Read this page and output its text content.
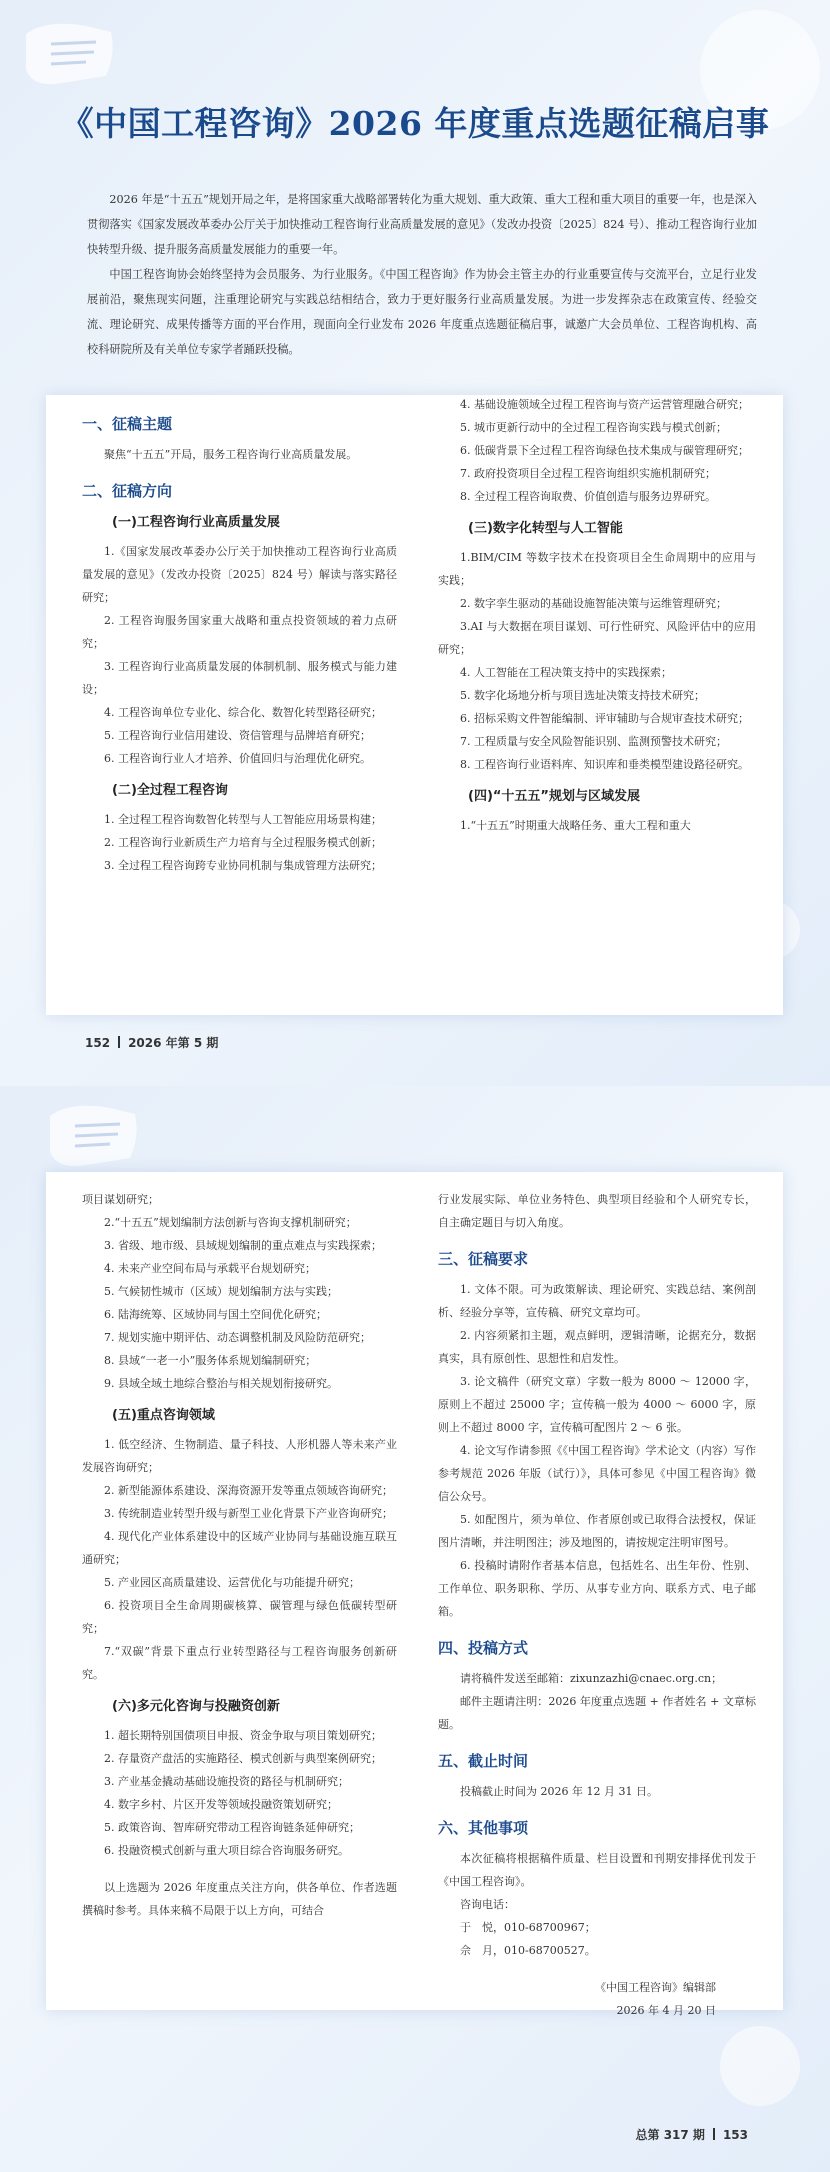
《中国工程咨询》2026 年度重点选题征稿启事

2026 年是“十五五”规划开局之年，是将国家重大战略部署转化为重大规划、重大政策、重大工程和重大项目的重要一年，也是深入贯彻落实《国家发展改革委办公厅关于加快推动工程咨询行业高质量发展的意见》（发改办投资〔2025〕824 号）、推动工程咨询行业加快转型升级、提升服务高质量发展能力的重要一年。

中国工程咨询协会始终坚持为会员服务、为行业服务。《中国工程咨询》作为协会主管主办的行业重要宣传与交流平台，立足行业发展前沿，聚焦现实问题，注重理论研究与实践总结相结合，致力于更好服务行业高质量发展。为进一步发挥杂志在政策宣传、经验交流、理论研究、成果传播等方面的平台作用，现面向全行业发布 2026 年度重点选题征稿启事，诚邀广大会员单位、工程咨询机构、高校科研院所及有关单位专家学者踊跃投稿。

一、征稿主题

聚焦“十五五”开局，服务工程咨询行业高质量发展。

二、征稿方向
(一)工程咨询行业高质量发展

1.《国家发展改革委办公厅关于加快推动工程咨询行业高质量发展的意见》（发改办投资〔2025〕824 号）解读与落实路径研究；

2. 工程咨询服务国家重大战略和重点投资领域的着力点研究；

3. 工程咨询行业高质量发展的体制机制、服务模式与能力建设；

4. 工程咨询单位专业化、综合化、数智化转型路径研究；

5. 工程咨询行业信用建设、资信管理与品牌培育研究；

6. 工程咨询行业人才培养、价值回归与治理优化研究。

(二)全过程工程咨询

1. 全过程工程咨询数智化转型与人工智能应用场景构建；

2. 工程咨询行业新质生产力培育与全过程服务模式创新；

3. 全过程工程咨询跨专业协同机制与集成管理方法研究；

4. 基础设施领域全过程工程咨询与资产运营管理融合研究；

5. 城市更新行动中的全过程工程咨询实践与模式创新；

6. 低碳背景下全过程工程咨询绿色技术集成与碳管理研究；

7. 政府投资项目全过程工程咨询组织实施机制研究；

8. 全过程工程咨询取费、价值创造与服务边界研究。

(三)数字化转型与人工智能

1.BIM/CIM 等数字技术在投资项目全生命周期中的应用与实践；

2. 数字孪生驱动的基础设施智能决策与运维管理研究；

3.AI 与大数据在项目谋划、可行性研究、风险评估中的应用研究；

4. 人工智能在工程决策支持中的实践探索；

5. 数字化场地分析与项目选址决策支持技术研究；

6. 招标采购文件智能编制、评审辅助与合规审查技术研究；

7. 工程质量与安全风险智能识别、监测预警技术研究；

8. 工程咨询行业语料库、知识库和垂类模型建设路径研究。

(四)“十五五”规划与区域发展

1.“十五五”时期重大战略任务、重大工程和重大

152 2026 年第 5 期

项目谋划研究；

2.“十五五”规划编制方法创新与咨询支撑机制研究；

3. 省级、地市级、县域规划编制的重点难点与实践探索；

4. 未来产业空间布局与承载平台规划研究；

5. 气候韧性城市（区域）规划编制方法与实践；

6. 陆海统筹、区域协同与国土空间优化研究；

7. 规划实施中期评估、动态调整机制及风险防范研究；

8. 县域“一老一小”服务体系规划编制研究；

9. 县域全域土地综合整治与相关规划衔接研究。

(五)重点咨询领域

1. 低空经济、生物制造、量子科技、人形机器人等未来产业发展咨询研究；

2. 新型能源体系建设、深海资源开发等重点领域咨询研究；

3. 传统制造业转型升级与新型工业化背景下产业咨询研究；

4. 现代化产业体系建设中的区域产业协同与基础设施互联互通研究；

5. 产业园区高质量建设、运营优化与功能提升研究；

6. 投资项目全生命周期碳核算、碳管理与绿色低碳转型研究；

7.“双碳”背景下重点行业转型路径与工程咨询服务创新研究。

(六)多元化咨询与投融资创新

1. 超长期特别国债项目申报、资金争取与项目策划研究；

2. 存量资产盘活的实施路径、模式创新与典型案例研究；

3. 产业基金撬动基础设施投资的路径与机制研究；

4. 数字乡村、片区开发等领域投融资策划研究；

5. 政策咨询、智库研究带动工程咨询链条延伸研究；

6. 投融资模式创新与重大项目综合咨询服务研究。

以上选题为 2026 年度重点关注方向，供各单位、作者选题撰稿时参考。具体来稿不局限于以上方向，可结合

行业发展实际、单位业务特色、典型项目经验和个人研究专长，自主确定题目与切入角度。

三、征稿要求

1. 文体不限。可为政策解读、理论研究、实践总结、案例剖析、经验分享等，宣传稿、研究文章均可。

2. 内容须紧扣主题，观点鲜明，逻辑清晰，论据充分，数据真实，具有原创性、思想性和启发性。

3. 论文稿件（研究文章）字数一般为 8000 ～ 12000 字，原则上不超过 25000 字；宣传稿一般为 4000 ～ 6000 字，原则上不超过 8000 字，宣传稿可配图片 2 ～ 6 张。

4. 论文写作请参照《《中国工程咨询》学术论文（内容）写作参考规范 2026 年版（试行）》，具体可参见《中国工程咨询》微信公众号。

5. 如配图片，须为单位、作者原创或已取得合法授权，保证图片清晰，并注明图注；涉及地图的，请按规定注明审图号。

6. 投稿时请附作者基本信息，包括姓名、出生年份、性别、工作单位、职务职称、学历、从事专业方向、联系方式、电子邮箱。

四、投稿方式

请将稿件发送至邮箱：zixunzazhi@cnaec.org.cn；

邮件主题请注明：2026 年度重点选题 + 作者姓名 + 文章标题。

五、截止时间

投稿截止时间为 2026 年 12 月 31 日。

六、其他事项

本次征稿将根据稿件质量、栏目设置和刊期安排择优刊发于《中国工程咨询》。

咨询电话：

于　悦，010-68700967；

佘　月，010-68700527。

《中国工程咨询》编辑部

2026 年 4 月 20 日

总第 317 期 153
